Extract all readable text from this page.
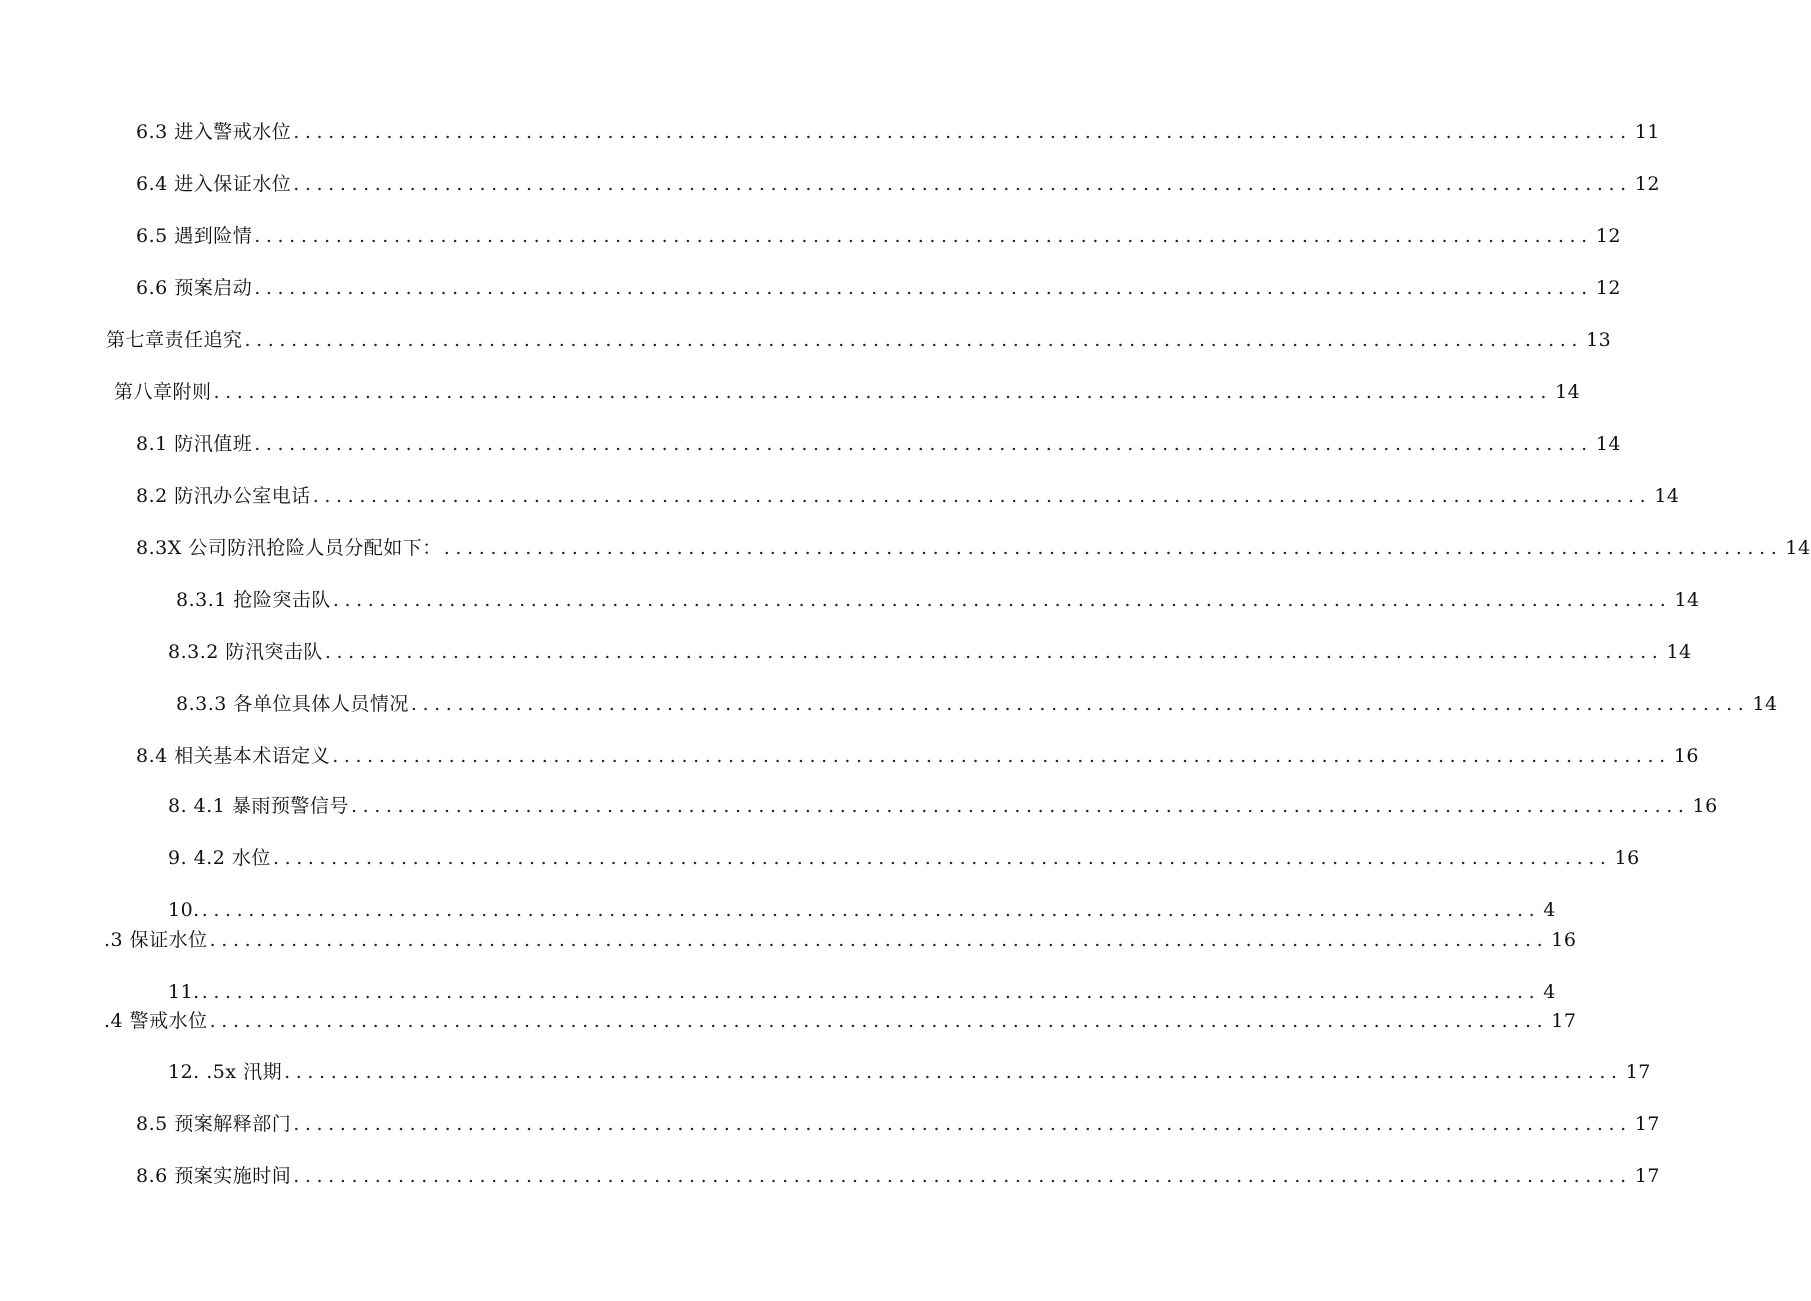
6.3 进入警戒水位 ................................................................................................................... 11
6.4 进入保证水位 ................................................................................................................... 12
6.5 遇到险情 ................................................................................................................... 12
6.6 预案启动 ................................................................................................................... 12
第七章责任追究 ................................................................................................................... 13
第八章附则 ................................................................................................................... 14
8.1 防汛值班 ................................................................................................................... 14
8.2 防汛办公室电话 ................................................................................................................... 14
8.3X 公司防汛抢险人员分配如下： ................................................................................................................... 14
8.3.1 抢险突击队 ................................................................................................................... 14
8.3.2 防汛突击队 ................................................................................................................... 14
8.3.3 各单位具体人员情况 ................................................................................................................... 14
8.4 相关基本术语定义 ................................................................................................................... 16
8. 4.1 暴雨预警信号 ................................................................................................................... 16
9. 4.2 水位 ................................................................................................................... 16
10. ................................................................................................................... 4
.3 保证水位 ................................................................................................................... 16
11. ................................................................................................................... 4
.4 警戒水位 ................................................................................................................... 17
12. .5x 汛期 ................................................................................................................... 17
8.5 预案解释部门 ................................................................................................................... 17
8.6 预案实施时间 ................................................................................................................... 17
